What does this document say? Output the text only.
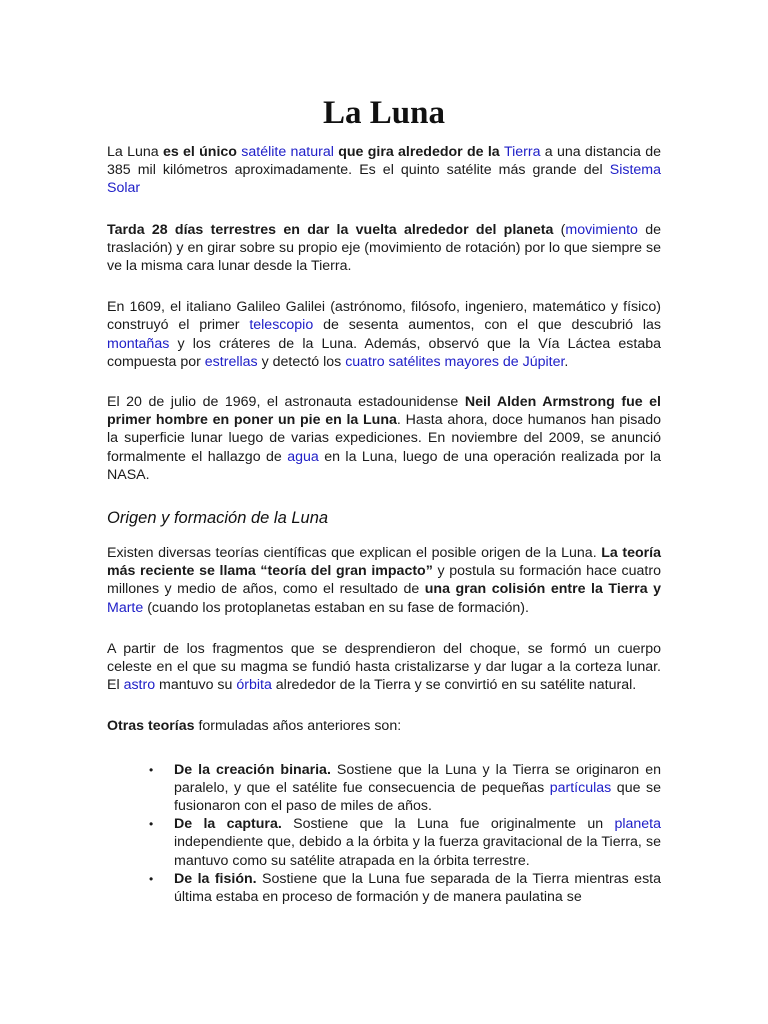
La Luna

La Luna es el único satélite natural que gira alrededor de la Tierra a una distancia de 385 mil kilómetros aproximadamente. Es el quinto satélite más grande del Sistema Solar

Tarda 28 días terrestres en dar la vuelta alrededor del planeta (movimiento de traslación) y en girar sobre su propio eje (movimiento de rotación) por lo que siempre se ve la misma cara lunar desde la Tierra.

En 1609, el italiano Galileo Galilei (astrónomo, filósofo, ingeniero, matemático y físico) construyó el primer telescopio de sesenta aumentos, con el que descubrió las montañas y los cráteres de la Luna. Además, observó que la Vía Láctea estaba compuesta por estrellas y detectó los cuatro satélites mayores de Júpiter.

El 20 de julio de 1969, el astronauta estadounidense Neil Alden Armstrong fue el primer hombre en poner un pie en la Luna. Hasta ahora, doce humanos han pisado la superficie lunar luego de varias expediciones. En noviembre del 2009, se anunció formalmente el hallazgo de agua en la Luna, luego de una operación realizada por la NASA.

Origen y formación de la Luna

Existen diversas teorías científicas que explican el posible origen de la Luna. La teoría más reciente se llama “teoría del gran impacto” y postula su formación hace cuatro millones y medio de años, como el resultado de una gran colisión entre la Tierra y Marte (cuando los protoplanetas estaban en su fase de formación).

A partir de los fragmentos que se desprendieron del choque, se formó un cuerpo celeste en el que su magma se fundió hasta cristalizarse y dar lugar a la corteza lunar. El astro mantuvo su órbita alrededor de la Tierra y se convirtió en su satélite natural.

Otras teorías formuladas años anteriores son:

• De la creación binaria. Sostiene que la Luna y la Tierra se originaron en paralelo, y que el satélite fue consecuencia de pequeñas partículas que se fusionaron con el paso de miles de años.
• De la captura. Sostiene que la Luna fue originalmente un planeta independiente que, debido a la órbita y la fuerza gravitacional de la Tierra, se mantuvo como su satélite atrapada en la órbita terrestre.
• De la fisión. Sostiene que la Luna fue separada de la Tierra mientras esta última estaba en proceso de formación y de manera paulatina se
